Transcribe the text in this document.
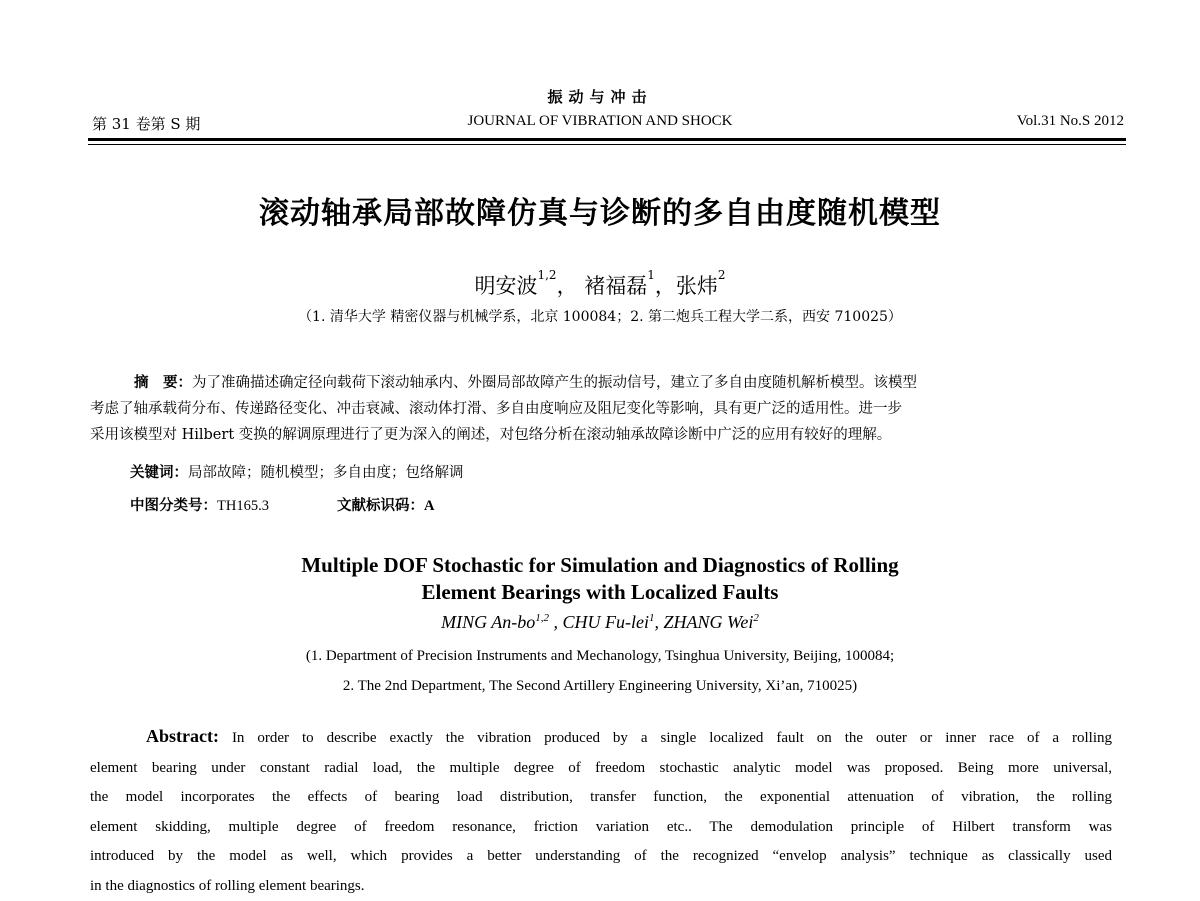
振动与冲击
第 31 卷第 S 期	JOURNAL OF VIBRATION AND SHOCK	Vol.31 No.S 2012
滚动轴承局部故障仿真与诊断的多自由度随机模型
明安波$^{1,2}$， 褚福磊$^1$，张炜$^2$
（1. 清华大学 精密仪器与机械学系，北京 100084；2. 第二炮兵工程大学二系，西安 710025）
摘　要：为了准确描述确定径向载荷下滚动轴承内、外圈局部故障产生的振动信号，建立了多自由度随机解析模型。该模型
考虑了轴承载荷分布、传递路径变化、冲击衰减、滚动体打滑、多自由度响应及阻尼变化等影响，具有更广泛的适用性。进一步
采用该模型对 Hilbert 变换的解调原理进行了更为深入的阐述，对包络分析在滚动轴承故障诊断中广泛的应用有较好的理解。
关键词：局部故障；随机模型；多自由度；包络解调
中图分类号：TH165.3	文献标识码：A
Multiple DOF Stochastic for Simulation and Diagnostics of Rolling
Element Bearings with Localized Faults
MING An-bo$^{1,2}$ , CHU Fu-lei$^1$, ZHANG Wei$^2$
(1. Department of Precision Instruments and Mechanology, Tsinghua University, Beijing, 100084;
2. The 2nd Department, The Second Artillery Engineering University, Xi’an, 710025)
Abstract: In order to describe exactly the vibration produced by a single localized fault on the outer or inner race of a rolling
element bearing under constant radial load, the multiple degree of freedom stochastic analytic model was proposed. Being more universal,
the model incorporates the effects of bearing load distribution, transfer function, the exponential attenuation of vibration, the rolling
element skidding, multiple degree of freedom resonance, friction variation etc.. The demodulation principle of Hilbert transform was
introduced by the model as well, which provides a better understanding of the recognized “envelop analysis” technique as classically used
in the diagnostics of rolling element bearings.
